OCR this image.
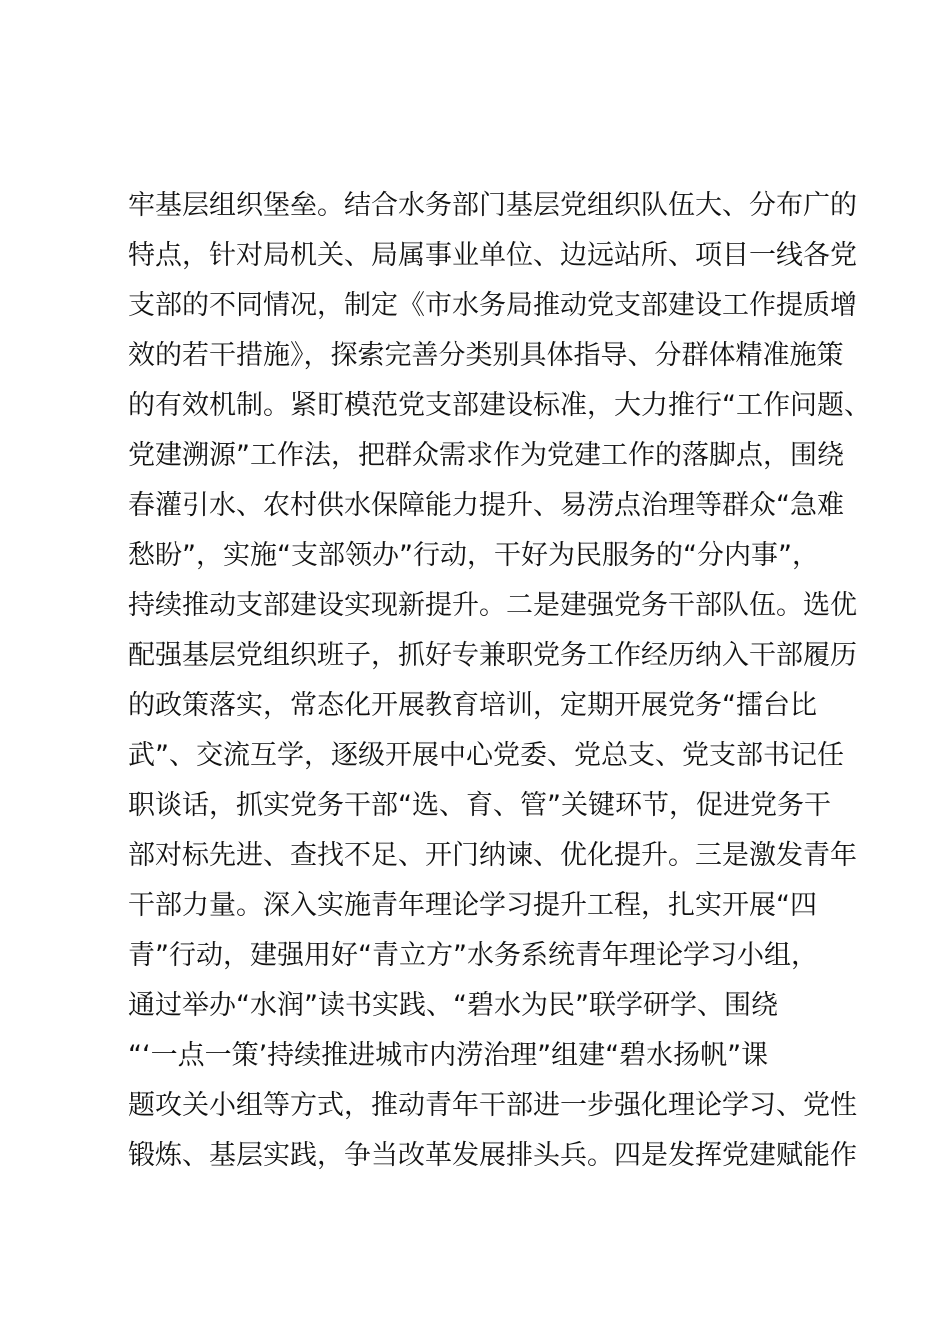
牢基层组织堡垒。结合水务部门基层党组织队伍大、分布广的
特点，针对局机关、局属事业单位、边远站所、项目一线各党
支部的不同情况，制定《市水务局推动党支部建设工作提质增
效的若干措施》，探索完善分类别具体指导、分群体精准施策
的有效机制。紧盯模范党支部建设标准，大力推行“工作问题、
党建溯源”工作法，把群众需求作为党建工作的落脚点，围绕
春灌引水、农村供水保障能力提升、易涝点治理等群众“急难
愁盼”，实施“支部领办”行动，干好为民服务的“分内事”，
持续推动支部建设实现新提升。二是建强党务干部队伍。选优
配强基层党组织班子，抓好专兼职党务工作经历纳入干部履历
的政策落实，常态化开展教育培训，定期开展党务“擂台比
武”、交流互学，逐级开展中心党委、党总支、党支部书记任
职谈话，抓实党务干部“选、育、管”关键环节，促进党务干
部对标先进、查找不足、开门纳谏、优化提升。三是激发青年
干部力量。深入实施青年理论学习提升工程，扎实开展“四
青”行动，建强用好“青立方”水务系统青年理论学习小组，
通过举办“水润”读书实践、“碧水为民”联学研学、围绕
“‘一点一策’持续推进城市内涝治理”组建“碧水扬帆”课
题攻关小组等方式，推动青年干部进一步强化理论学习、党性
锻炼、基层实践，争当改革发展排头兵。四是发挥党建赋能作
